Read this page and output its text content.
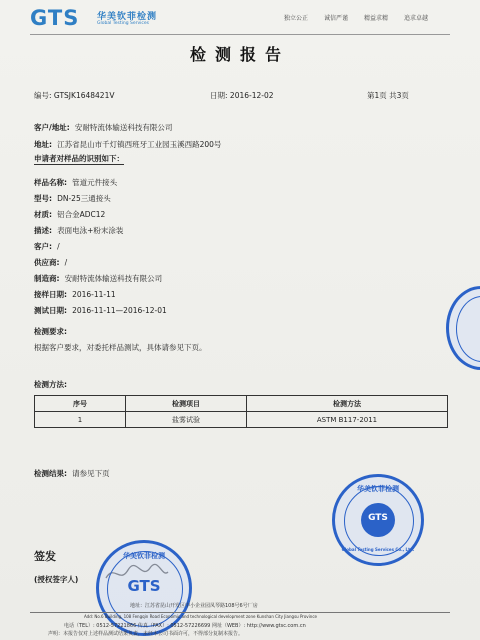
GTS 华美钦菲检测
Global Testing Services
独立公正	诚信严谨	精益求精	追求卓越
检测报告
编号: GTSJK1648421V	日期: 2016-12-02	第1页 共3页
客户/地址: 安耐特流体输送科技有限公司
地址: 江苏省昆山市千灯镇西班牙工业园玉溪西路200号
申请者对样品的识别如下：
样品名称: 管道元件接头
型号: DN-25三通接头
材质: 铝合金ADC12
描述: 表面电泳+粉末涂装
客户: /
供应商: /
制造商: 安耐特流体输送科技有限公司
接样日期: 2016-11-11
测试日期: 2016-11-11—2016-12-01
检测要求:
根据客户要求，对委托样品测试，具体请参见下页。
检测方法:
序号	检测项目	检测方法
1	盐雾试验	ASTM B117-2011
检测结果: 请参见下页
签发
(授权签字人)
华美钦菲检测
GTS
华美钦菲检测
GTS
Global Testing Services Co., Ltd.
地址：江苏省昆山开发区中小企业园凤琴路108号6号厂房
Add: No.6 Building, 108 Fengqin Road Economic and technological development zone Kunshan City Jiangsu Province
电话（TEL）: 0512-57221866 传真（FAX）: 0512-57226699 网址（WEB）: http://www.gtsc.com.cn
声明：本报告仅对上述样品测试结果负责，未经本公司书面许可，不得部分复制本报告。
